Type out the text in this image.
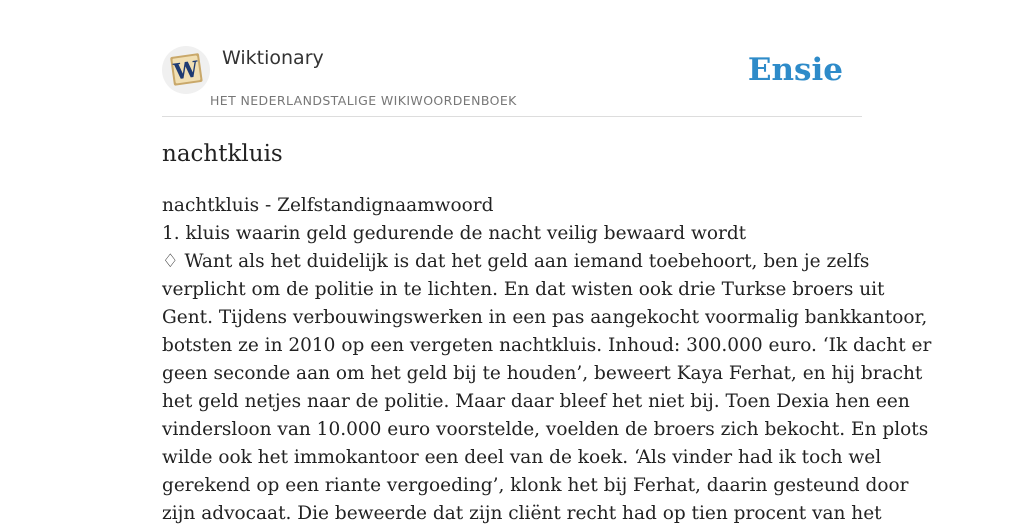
W Wiktionary
HET NEDERLANDSTALIGE WIKIWOORDENBOEK
Ensie
nachtkluis
nachtkluis - Zelfstandignaamwoord
1. kluis waarin geld gedurende de nacht veilig bewaard wordt
♢ Want als het duidelijk is dat het geld aan iemand toebehoort, ben je zelfs
verplicht om de politie in te lichten. En dat wisten ook drie Turkse broers uit
Gent. Tijdens verbouwingswerken in een pas aangekocht voormalig bankkantoor,
botsten ze in 2010 op een vergeten nachtkluis. Inhoud: 300.000 euro. ‘Ik dacht er
geen seconde aan om het geld bij te houden’, beweert Kaya Ferhat, en hij bracht
het geld netjes naar de politie. Maar daar bleef het niet bij. Toen Dexia hen een
vindersloon van 10.000 euro voorstelde, voelden de broers zich bekocht. En plots
wilde ook het immokantoor een deel van de koek. ‘Als vinder had ik toch wel
gerekend op een riante vergoeding’, klonk het bij Ferhat, daarin gesteund door
zijn advocaat. Die beweerde dat zijn cliënt recht had op tien procent van het
